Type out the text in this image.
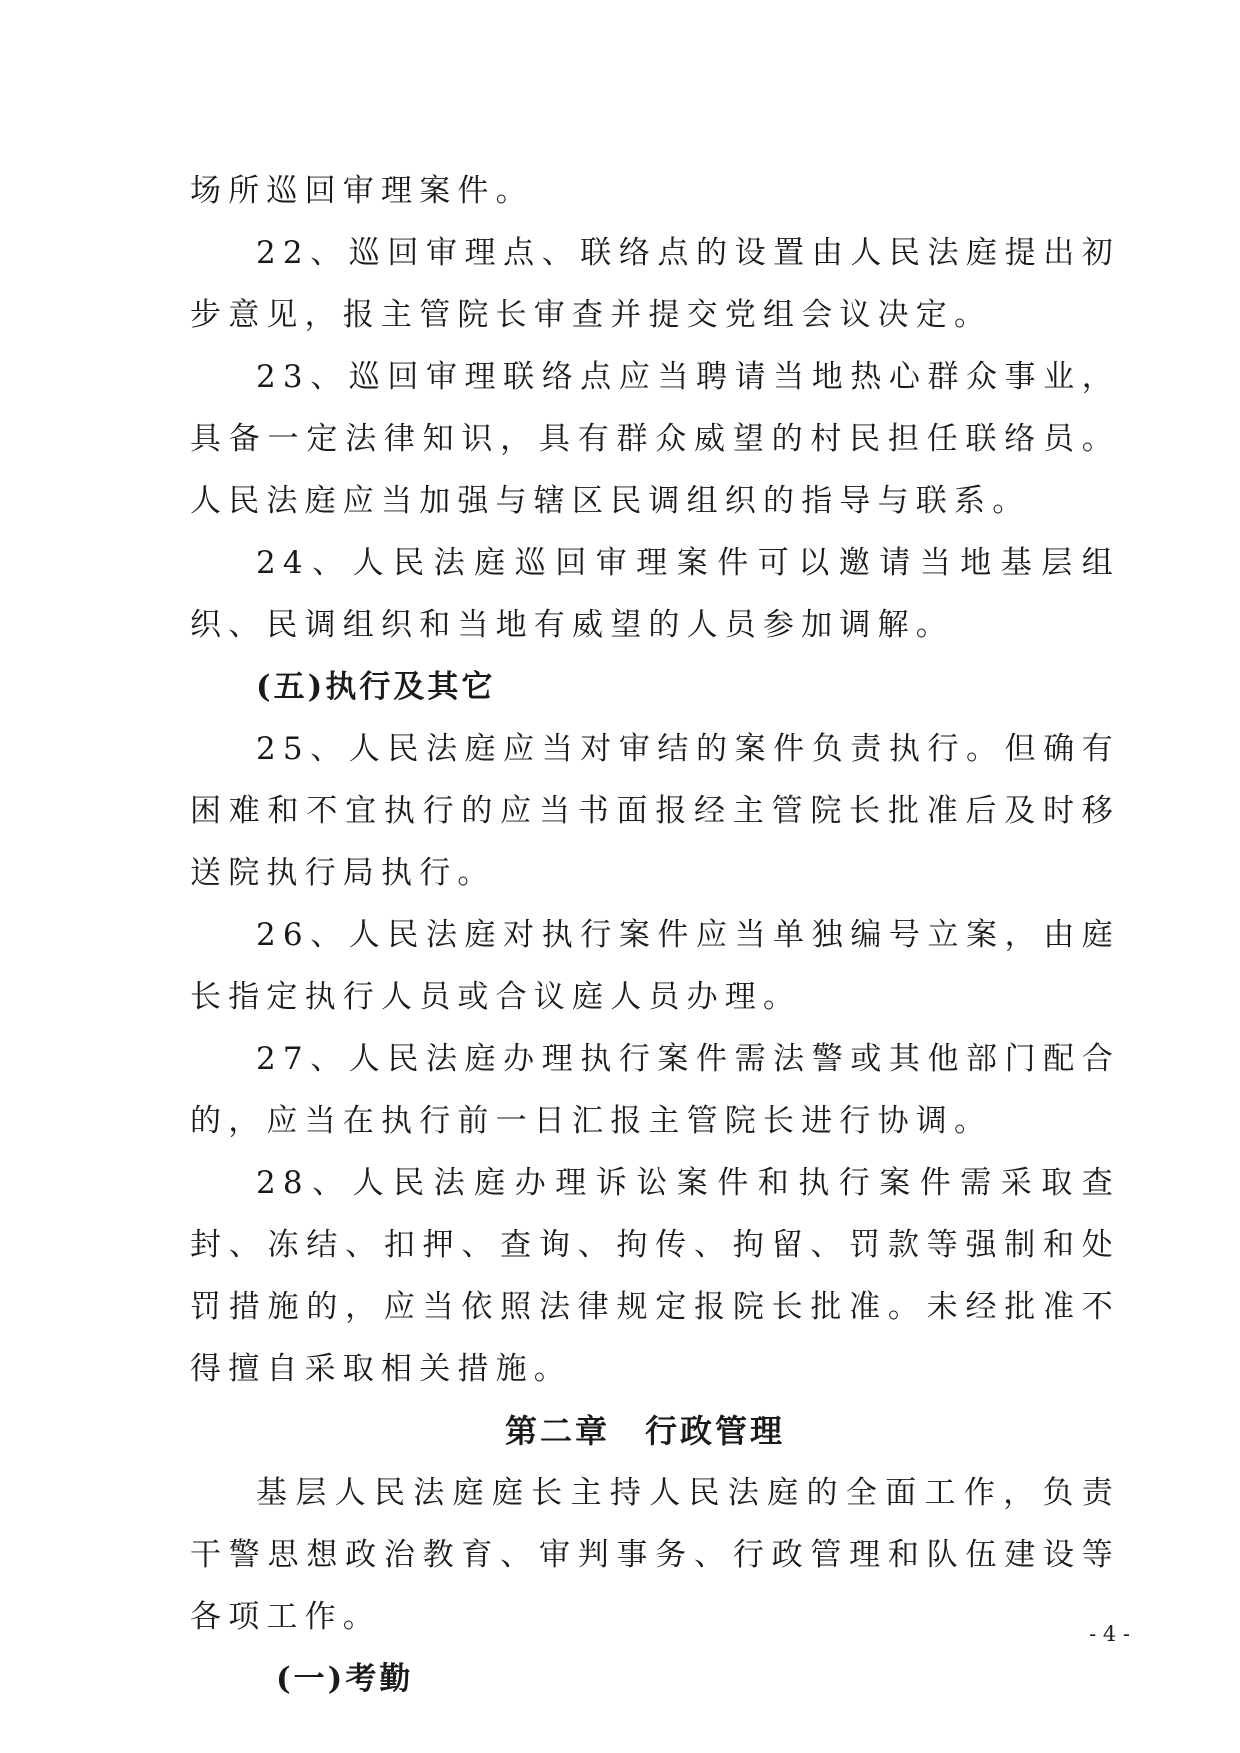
场所巡回审理案件。

22、巡回审理点、联络点的设置由人民法庭提出初步意见，报主管院长审查并提交党组会议决定。

23、巡回审理联络点应当聘请当地热心群众事业，具备一定法律知识，具有群众威望的村民担任联络员。人民法庭应当加强与辖区民调组织的指导与联系。

24、人民法庭巡回审理案件可以邀请当地基层组织、民调组织和当地有威望的人员参加调解。

(五)执行及其它

25、人民法庭应当对审结的案件负责执行。但确有困难和不宜执行的应当书面报经主管院长批准后及时移送院执行局执行。

26、人民法庭对执行案件应当单独编号立案，由庭长指定执行人员或合议庭人员办理。

27、人民法庭办理执行案件需法警或其他部门配合的，应当在执行前一日汇报主管院长进行协调。

28、人民法庭办理诉讼案件和执行案件需采取查封、冻结、扣押、查询、拘传、拘留、罚款等强制和处罚措施的，应当依照法律规定报院长批准。未经批准不得擅自采取相关措施。

第二章　行政管理

基层人民法庭庭长主持人民法庭的全面工作，负责干警思想政治教育、审判事务、行政管理和队伍建设等各项工作。

(一)考勤

- 4 -
